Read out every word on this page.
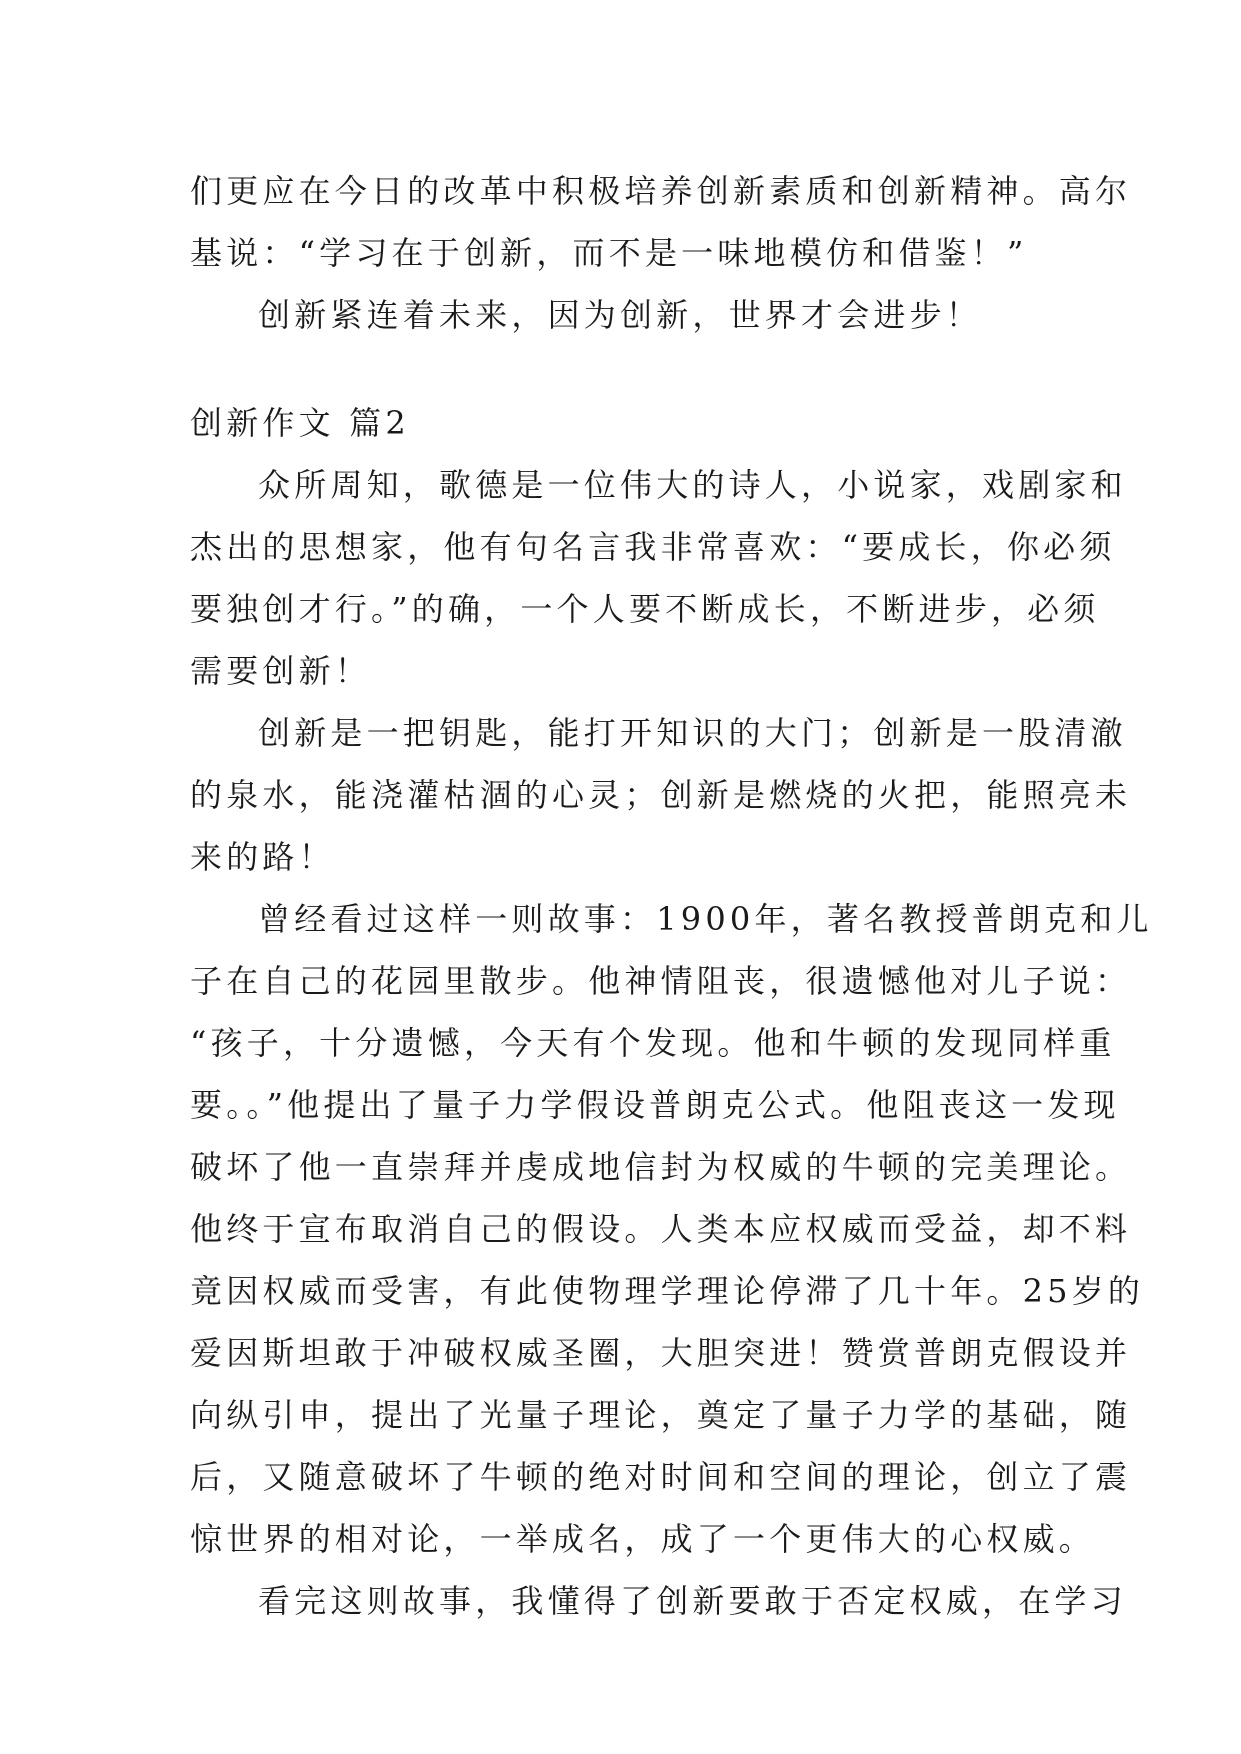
们更应在今日的改革中积极培养创新素质和创新精神。高尔
基说：“学习在于创新，而不是一味地模仿和借鉴！”
创新紧连着未来，因为创新，世界才会进步！
创新作文 篇2
众所周知，歌德是一位伟大的诗人，小说家，戏剧家和
杰出的思想家，他有句名言我非常喜欢：“要成长，你必须
要独创才行。”的确，一个人要不断成长，不断进步，必须
需要创新！
创新是一把钥匙，能打开知识的大门；创新是一股清澈
的泉水，能浇灌枯涸的心灵；创新是燃烧的火把，能照亮未
来的路！
曾经看过这样一则故事：1900年，著名教授普朗克和儿
子在自己的花园里散步。他神情阻丧，很遗憾他对儿子说：
“孩子，十分遗憾，今天有个发现。他和牛顿的发现同样重
要。。”他提出了量子力学假设普朗克公式。他阻丧这一发现
破坏了他一直崇拜并虔成地信封为权威的牛顿的完美理论。
他终于宣布取消自己的假设。人类本应权威而受益，却不料
竟因权威而受害，有此使物理学理论停滞了几十年。25岁的
爱因斯坦敢于冲破权威圣圈，大胆突进！赞赏普朗克假设并
向纵引申，提出了光量子理论，奠定了量子力学的基础，随
后，又随意破坏了牛顿的绝对时间和空间的理论，创立了震
惊世界的相对论，一举成名，成了一个更伟大的心权威。
看完这则故事，我懂得了创新要敢于否定权威，在学习
